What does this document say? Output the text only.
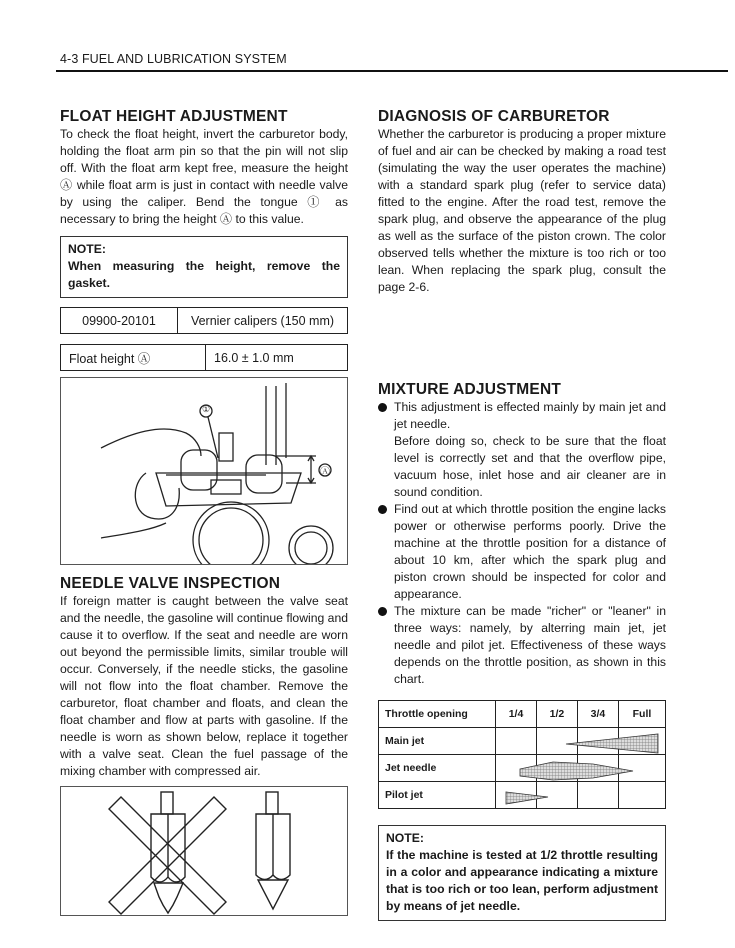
4-3 FUEL AND LUBRICATION SYSTEM
FLOAT HEIGHT ADJUSTMENT

To check the float height, invert the carburetor body, holding the float arm pin so that the pin will not slip off. With the float arm kept free, measure the height Ⓐ while float arm is just in contact with needle valve by using the caliper. Bend the tongue ① as necessary to bring the height Ⓐ to this value.

NOTE:
When measuring the height, remove the gasket.
09900-20101	Vernier calipers (150 mm)
Float height Ⓐ	16.0 ± 1.0 mm
①
Ⓐ
NEEDLE VALVE INSPECTION

If foreign matter is caught between the valve seat and the needle, the gasoline will continue flowing and cause it to overflow. If the seat and needle are worn out beyond the permissible limits, similar trouble will occur. Conversely, if the needle sticks, the gasoline will not flow into the float chamber. Remove the carburetor, float chamber and floats, and clean the float chamber and flow at parts with gasoline. If the needle is worn as shown below, replace it together with a valve seat. Clean the fuel passage of the mixing chamber with compressed air.

DIAGNOSIS OF CARBURETOR

Whether the carburetor is producing a proper mixture of fuel and air can be checked by making a road test (simulating the way the user operates the machine) with a standard spark plug (refer to service data) fitted to the engine. After the road test, remove the spark plug, and observe the appearance of the plug as well as the surface of the piston crown. The color observed tells whether the mixture is too rich or too lean. When replacing the spark plug, consult the page 2-6.

MIXTURE ADJUSTMENT
This adjustment is effected mainly by main jet and jet needle.
Before doing so, check to be sure that the float level is correctly set and that the overflow pipe, vacuum hose, inlet hose and air cleaner are in sound condition.
Find out at which throttle position the engine lacks power or otherwise performs poorly. Drive the machine at the throttle position for a distance of about 10 km, after which the spark plug and piston crown should be inspected for color and appearance.
The mixture can be made "richer" or "leaner" in three ways: namely, by alterring main jet, jet needle and pilot jet. Effectiveness of these ways depends on the throttle position, as shown in this chart.
Throttle opening	1/4	1/2	3/4	Full
Main jet				
Jet needle				
Pilot jet				
NOTE:
If the machine is tested at 1/2 throttle resulting in a color and appearance indicating a mixture that is too rich or too lean, perform adjustment by means of jet needle.
